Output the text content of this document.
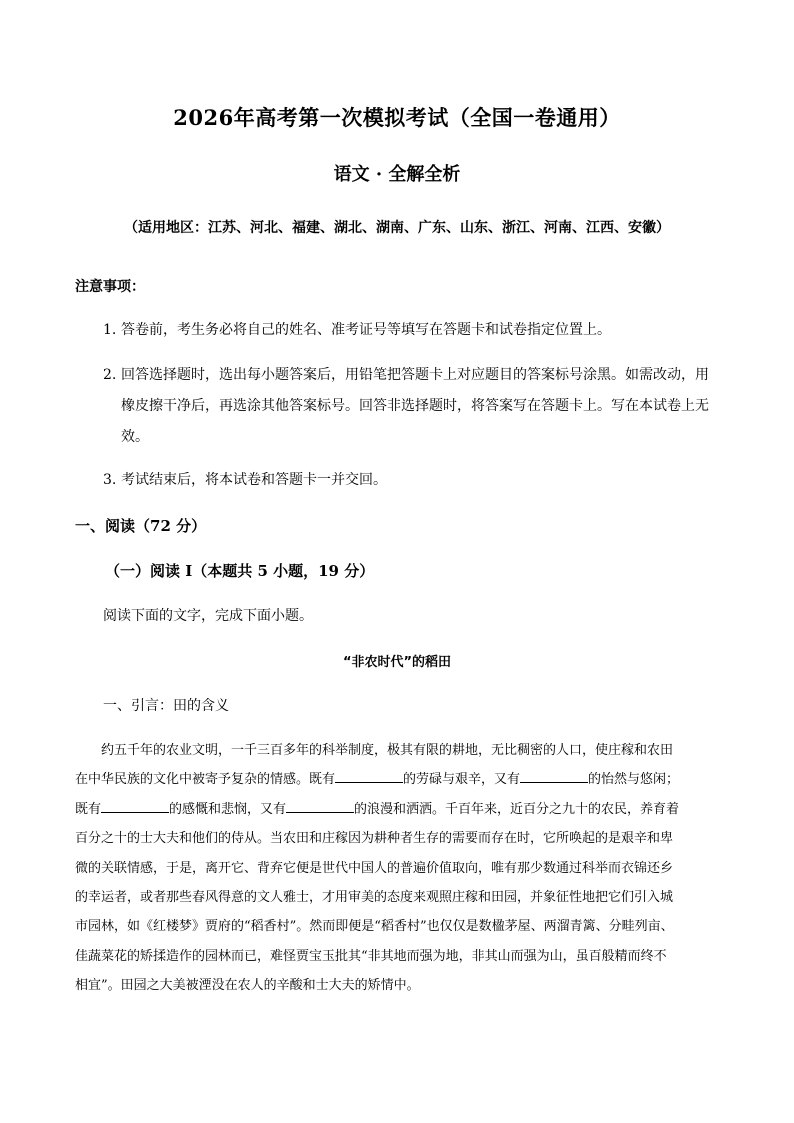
2026年高考第一次模拟考试（全国一卷通用）
语文 · 全解全析
（适用地区：江苏、河北、福建、湖北、湖南、广东、山东、浙江、河南、江西、安徽）
注意事项：
1. 答卷前，考生务必将自己的姓名、准考证号等填写在答题卡和试卷指定位置上。
2. 回答选择题时，选出每小题答案后，用铅笔把答题卡上对应题目的答案标号涂黑。如需改动，用
橡皮擦干净后，再选涂其他答案标号。回答非选择题时，将答案写在答题卡上。写在本试卷上无
效。
3. 考试结束后，将本试卷和答题卡一并交回。
一、阅读（72 分）
（一）阅读 I（本题共 5 小题，19 分）
阅读下面的文字，完成下面小题。
“非农时代”的稻田
一、引言：田的含义
约五千年的农业文明，一千三百多年的科举制度，极其有限的耕地，无比稠密的人口，使庄稼和农田
在中华民族的文化中被寄予复杂的情感。既有	的劳碌与艰辛，又有	的怡然与悠闲；
既有	的感慨和悲悯，又有	的浪漫和洒洒。千百年来，近百分之九十的农民，养育着
百分之十的士大夫和他们的侍从。当农田和庄稼因为耕种者生存的需要而存在时，它所唤起的是艰辛和卑
微的关联情感，于是，离开它、背弃它便是世代中国人的普遍价值取向，唯有那少数通过科举而衣锦还乡
的幸运者，或者那些春风得意的文人雅士，才用审美的态度来观照庄稼和田园，并象征性地把它们引入城
市园林，如《红楼梦》贾府的“稻香村”。然而即便是“稻香村”也仅仅是数楹茅屋、两溜青篱、分畦列亩、
佳蔬菜花的矫揉造作的园林而已，难怪贾宝玉批其“非其地而强为地，非其山而强为山，虽百般精而终不
相宜”。田园之大美被湮没在农人的辛酸和士大夫的矫情中。
